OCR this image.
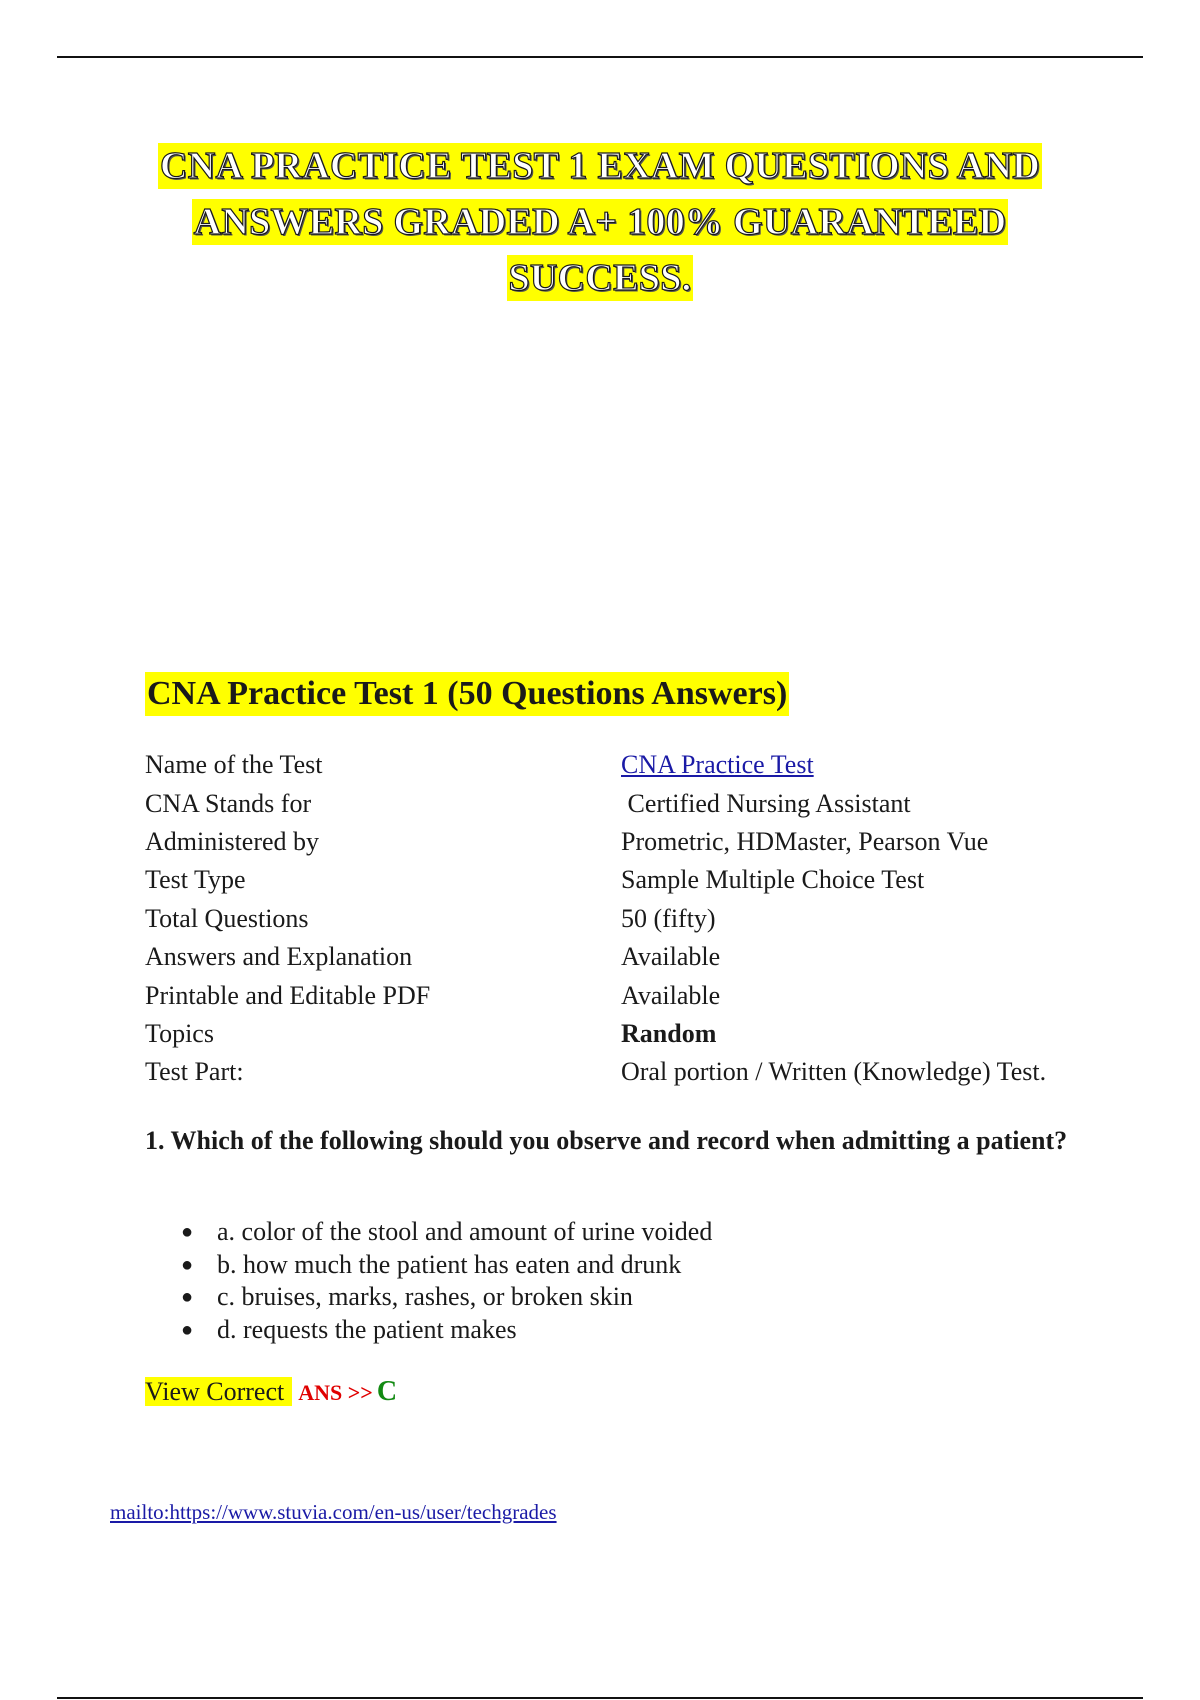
CNA PRACTICE TEST 1 EXAM QUESTIONS AND
ANSWERS GRADED A+ 100% GUARANTEED
SUCCESS.
CNA Practice Test 1 (50 Questions Answers)
Name of the Test	CNA Practice Test
CNA Stands for	Certified Nursing Assistant
Administered by	Prometric, HDMaster, Pearson Vue
Test Type	Sample Multiple Choice Test
Total Questions	50 (fifty)
Answers and Explanation	Available
Printable and Editable PDF	Available
Topics	Random
Test Part:	Oral portion / Written (Knowledge) Test.

1. Which of the following should you observe and record when admitting a patient?

● a. color of the stool and amount of urine voided
● b. how much the patient has eaten and drunk
● c. bruises, marks, rashes, or broken skin
● d. requests the patient makes

View Correct ANS >> C

mailto:https://www.stuvia.com/en-us/user/techgrades
